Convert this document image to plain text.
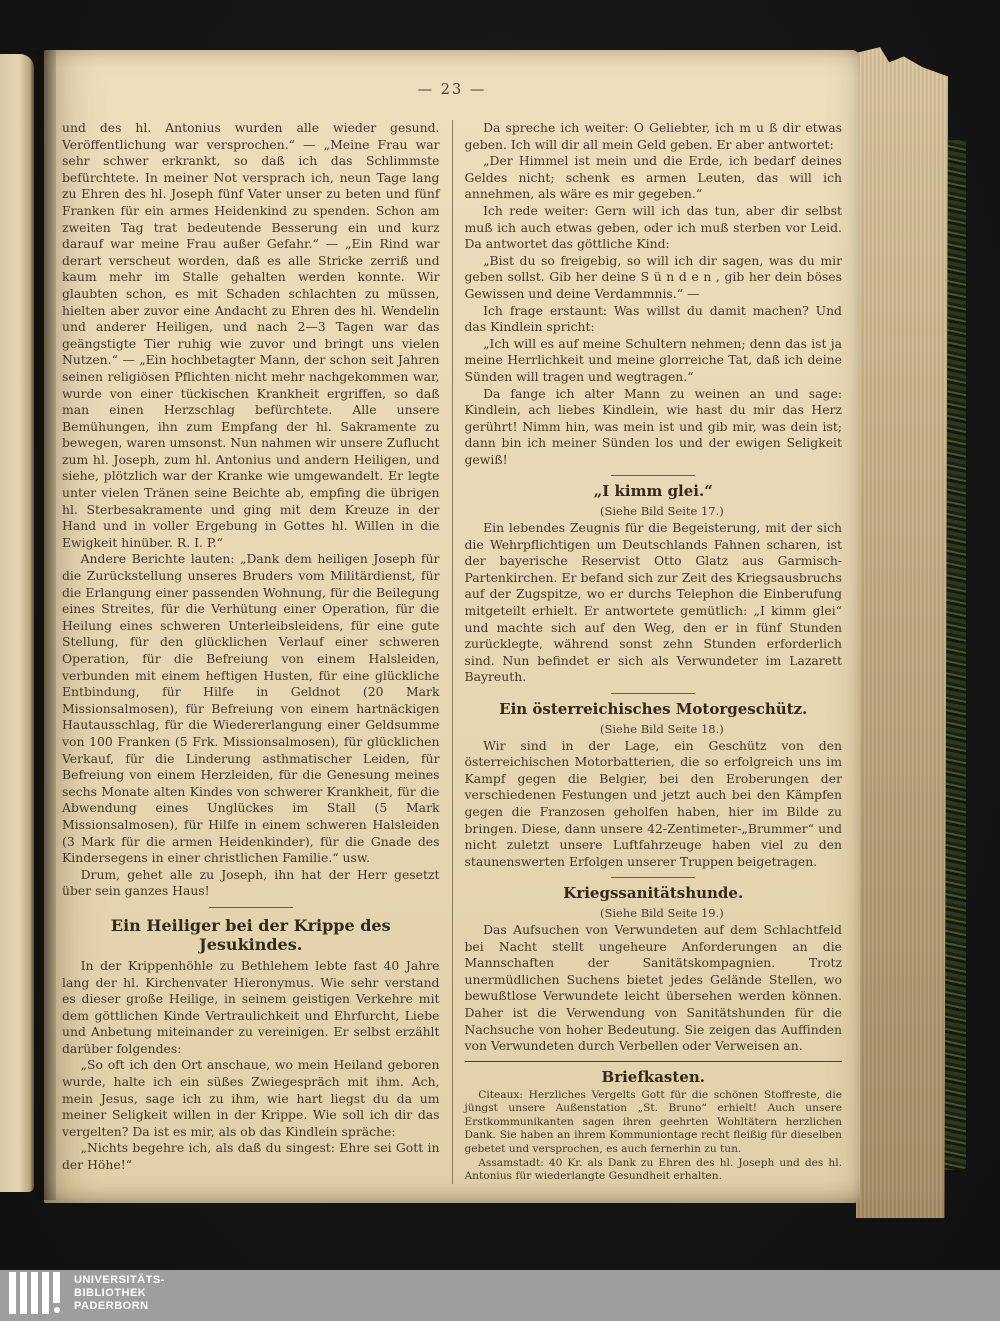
— 23 —

und des hl. Antonius wurden alle wieder gesund. Veröffentlichung war versprochen.“ — „Meine Frau war sehr schwer erkrankt, so daß ich das Schlimmste befürchtete. In meiner Not versprach ich, neun Tage lang zu Ehren des hl. Joseph fünf Vater unser zu beten und fünf Franken für ein armes Heidenkind zu spenden. Schon am zweiten Tag trat bedeutende Besserung ein und kurz darauf war meine Frau außer Gefahr.“ — „Ein Rind war derart verscheut worden, daß es alle Stricke zerriß und kaum mehr im Stalle gehalten werden konnte. Wir glaubten schon, es mit Schaden schlachten zu müssen, hielten aber zuvor eine Andacht zu Ehren des hl. Wendelin und anderer Heiligen, und nach 2—3 Tagen war das geängstigte Tier ruhig wie zuvor und bringt uns vielen Nutzen.“ — „Ein hochbetagter Mann, der schon seit Jahren seinen religiösen Pflichten nicht mehr nachgekommen war, wurde von einer tückischen Krankheit ergriffen, so daß man einen Herzschlag befürchtete. Alle unsere Bemühungen, ihn zum Empfang der hl. Sakramente zu bewegen, waren umsonst. Nun nahmen wir unsere Zuflucht zum hl. Joseph, zum hl. Antonius und andern Heiligen, und siehe, plötzlich war der Kranke wie umgewandelt. Er legte unter vielen Tränen seine Beichte ab, empfing die übrigen hl. Sterbesakramente und ging mit dem Kreuze in der Hand und in voller Ergebung in Gottes hl. Willen in die Ewigkeit hinüber. R. I. P.“

Andere Berichte lauten: „Dank dem heiligen Joseph für die Zurückstellung unseres Bruders vom Militärdienst, für die Erlangung einer passenden Wohnung, für die Beilegung eines Streites, für die Verhütung einer Operation, für die Heilung eines schweren Unterleibsleidens, für eine gute Stellung, für den glücklichen Verlauf einer schweren Operation, für die Befreiung von einem Halsleiden, verbunden mit einem heftigen Husten, für eine glückliche Entbindung, für Hilfe in Geldnot (20 Mark Missionsalmosen), für Befreiung von einem hartnäckigen Hautausschlag, für die Wiedererlangung einer Geldsumme von 100 Franken (5 Frk. Missionsalmosen), für glücklichen Verkauf, für die Linderung asthmatischer Leiden, für Befreiung von einem Herzleiden, für die Genesung meines sechs Monate alten Kindes von schwerer Krankheit, für die Abwendung eines Unglückes im Stall (5 Mark Missionsalmosen), für Hilfe in einem schweren Halsleiden (3 Mark für die armen Heidenkinder), für die Gnade des Kindersegens in einer christlichen Familie.“ usw.

Drum, gehet alle zu Joseph, ihn hat der Herr gesetzt über sein ganzes Haus!

Ein Heiliger bei der Krippe des Jesukindes.

In der Krippenhöhle zu Bethlehem lebte fast 40 Jahre lang der hl. Kirchenvater Hieronymus. Wie sehr verstand es dieser große Heilige, in seinem geistigen Verkehre mit dem göttlichen Kinde Vertraulichkeit und Ehrfurcht, Liebe und Anbetung miteinander zu vereinigen. Er selbst erzählt darüber folgendes:

„So oft ich den Ort anschaue, wo mein Heiland geboren wurde, halte ich ein süßes Zwiegespräch mit ihm. Ach, mein Jesus, sage ich zu ihm, wie hart liegst du da um meiner Seligkeit willen in der Krippe. Wie soll ich dir das vergelten? Da ist es mir, als ob das Kindlein spräche:

„Nichts begehre ich, als daß du singest: Ehre sei Gott in der Höhe!“

Da spreche ich weiter: O Geliebter, ich m u ß dir etwas geben. Ich will dir all mein Geld geben. Er aber antwortet:

„Der Himmel ist mein und die Erde, ich bedarf deines Geldes nicht; schenk es armen Leuten, das will ich annehmen, als wäre es mir gegeben.“

Ich rede weiter: Gern will ich das tun, aber dir selbst muß ich auch etwas geben, oder ich muß sterben vor Leid. Da antwortet das göttliche Kind:

„Bist du so freigebig, so will ich dir sagen, was du mir geben sollst. Gib her deine S ü n d e n , gib her dein böses Gewissen und deine Verdammnis.“ —

Ich frage erstaunt: Was willst du damit machen? Und das Kindlein spricht:

„Ich will es auf meine Schultern nehmen; denn das ist ja meine Herrlichkeit und meine glorreiche Tat, daß ich deine Sünden will tragen und wegtragen.“

Da fange ich alter Mann zu weinen an und sage: Kindlein, ach liebes Kindlein, wie hast du mir das Herz gerührt! Nimm hin, was mein ist und gib mir, was dein ist; dann bin ich meiner Sünden los und der ewigen Seligkeit gewiß!

„I kimm glei.“

(Siehe Bild Seite 17.)

Ein lebendes Zeugnis für die Begeisterung, mit der sich die Wehrpflichtigen um Deutschlands Fahnen scharen, ist der bayerische Reservist Otto Glatz aus Garmisch-Partenkirchen. Er befand sich zur Zeit des Kriegsausbruchs auf der Zugspitze, wo er durchs Telephon die Einberufung mitgeteilt erhielt. Er antwortete gemütlich: „I kimm glei“ und machte sich auf den Weg, den er in fünf Stunden zurücklegte, während sonst zehn Stunden erforderlich sind. Nun befindet er sich als Verwundeter im Lazarett Bayreuth.

Ein österreichisches Motorgeschütz.

(Siehe Bild Seite 18.)

Wir sind in der Lage, ein Geschütz von den österreichischen Motorbatterien, die so erfolgreich uns im Kampf gegen die Belgier, bei den Eroberungen der verschiedenen Festungen und jetzt auch bei den Kämpfen gegen die Franzosen geholfen haben, hier im Bilde zu bringen. Diese, dann unsere 42-Zentimeter-„Brummer“ und nicht zuletzt unsere Luftfahrzeuge haben viel zu den staunenswerten Erfolgen unserer Truppen beigetragen.

Kriegssanitätshunde.

(Siehe Bild Seite 19.)

Das Aufsuchen von Verwundeten auf dem Schlachtfeld bei Nacht stellt ungeheure Anforderungen an die Mannschaften der Sanitätskompagnien. Trotz unermüdlichen Suchens bietet jedes Gelände Stellen, wo bewußtlose Verwundete leicht übersehen werden können. Daher ist die Verwendung von Sanitätshunden für die Nachsuche von hoher Bedeutung. Sie zeigen das Auffinden von Verwundeten durch Verbellen oder Verweisen an.

Briefkasten.

Citeaux: Herzliches Vergelts Gott für die schönen Stoffreste, die jüngst unsere Außenstation „St. Bruno“ erhielt! Auch unsere Erstkommunikanten sagen ihren geehrten Wohltätern herzlichen Dank. Sie haben an ihrem Kommuniontage recht fleißig für dieselben gebetet und versprochen, es auch fernerhin zu tun.

Assamstadt: 40 Kr. als Dank zu Ehren des hl. Joseph und des hl. Antonius für wiederlangte Gesundheit erhalten.

UNIVERSITÄTS-
BIBLIOTHEK
PADERBORN
